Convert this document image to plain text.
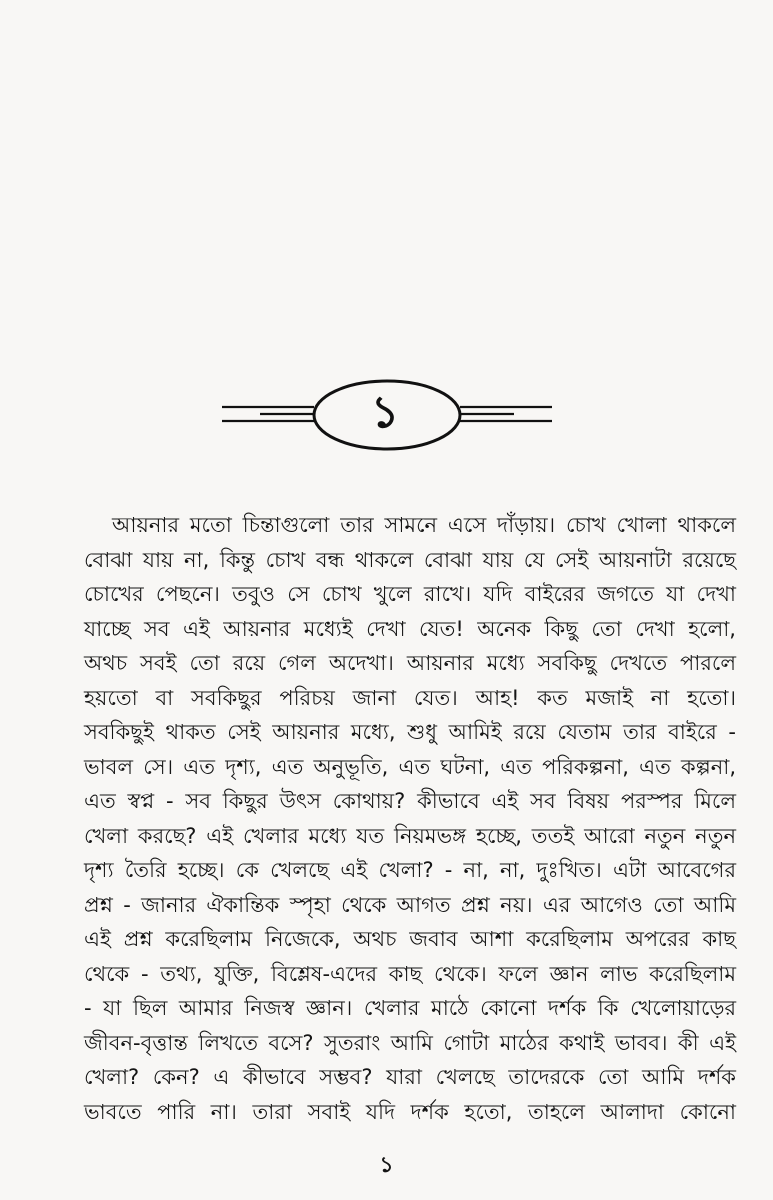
১
আয়নার মতো চিন্তাগুলো তার সামনে এসে দাঁড়ায়। চোখ খোলা থাকলে
বোঝা যায় না, কিন্তু চোখ বন্ধ থাকলে বোঝা যায় যে সেই আয়নাটা রয়েছে
চোখের পেছনে। তবুও সে চোখ খুলে রাখে। যদি বাইরের জগতে যা দেখা
যাচ্ছে সব এই আয়নার মধ্যেই দেখা যেত! অনেক কিছু তো দেখা হলো,
অথচ সবই তো রয়ে গেল অদেখা। আয়নার মধ্যে সবকিছু দেখতে পারলে
হয়তো বা সবকিছুর পরিচয় জানা যেত। আহ! কত মজাই না হতো।
সবকিছুই থাকত সেই আয়নার মধ্যে, শুধু আমিই রয়ে যেতাম তার বাইরে -
ভাবল সে। এত দৃশ্য, এত অনুভূতি, এত ঘটনা, এত পরিকল্পনা, এত কল্পনা,
এত স্বপ্ন - সব কিছুর উৎস কোথায়? কীভাবে এই সব বিষয় পরস্পর মিলে
খেলা করছে? এই খেলার মধ্যে যত নিয়মভঙ্গ হচ্ছে, ততই আরো নতুন নতুন
দৃশ্য তৈরি হচ্ছে। কে খেলছে এই খেলা? - না, না, দুঃখিত। এটা আবেগের
প্রশ্ন - জানার ঐকান্তিক স্পৃহা থেকে আগত প্রশ্ন নয়। এর আগেও তো আমি
এই প্রশ্ন করেছিলাম নিজেকে, অথচ জবাব আশা করেছিলাম অপরের কাছ
থেকে - তথ্য, যুক্তি, বিশ্লেষ-এদের কাছ থেকে। ফলে জ্ঞান লাভ করেছিলাম
- যা ছিল আমার নিজস্ব জ্ঞান। খেলার মাঠে কোনো দর্শক কি খেলোয়াড়ের
জীবন-বৃত্তান্ত লিখতে বসে? সুতরাং আমি গোটা মাঠের কথাই ভাবব। কী এই
খেলা? কেন? এ কীভাবে সম্ভব? যারা খেলছে তাদেরকে তো আমি দর্শক
ভাবতে পারি না। তারা সবাই যদি দর্শক হতো, তাহলে আলাদা কোনো
১
